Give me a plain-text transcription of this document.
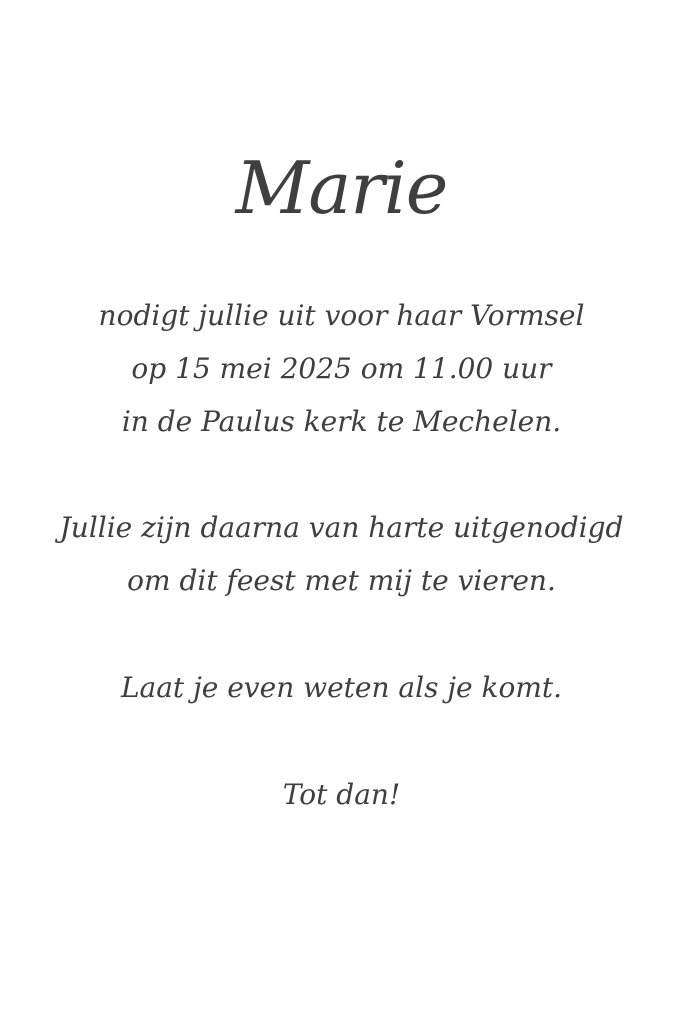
Marie
nodigt jullie uit voor haar Vormsel
op 15 mei 2025 om 11.00 uur
in de Paulus kerk te Mechelen.
Jullie zijn daarna van harte uitgenodigd
om dit feest met mij te vieren.
Laat je even weten als je komt.
Tot dan!
